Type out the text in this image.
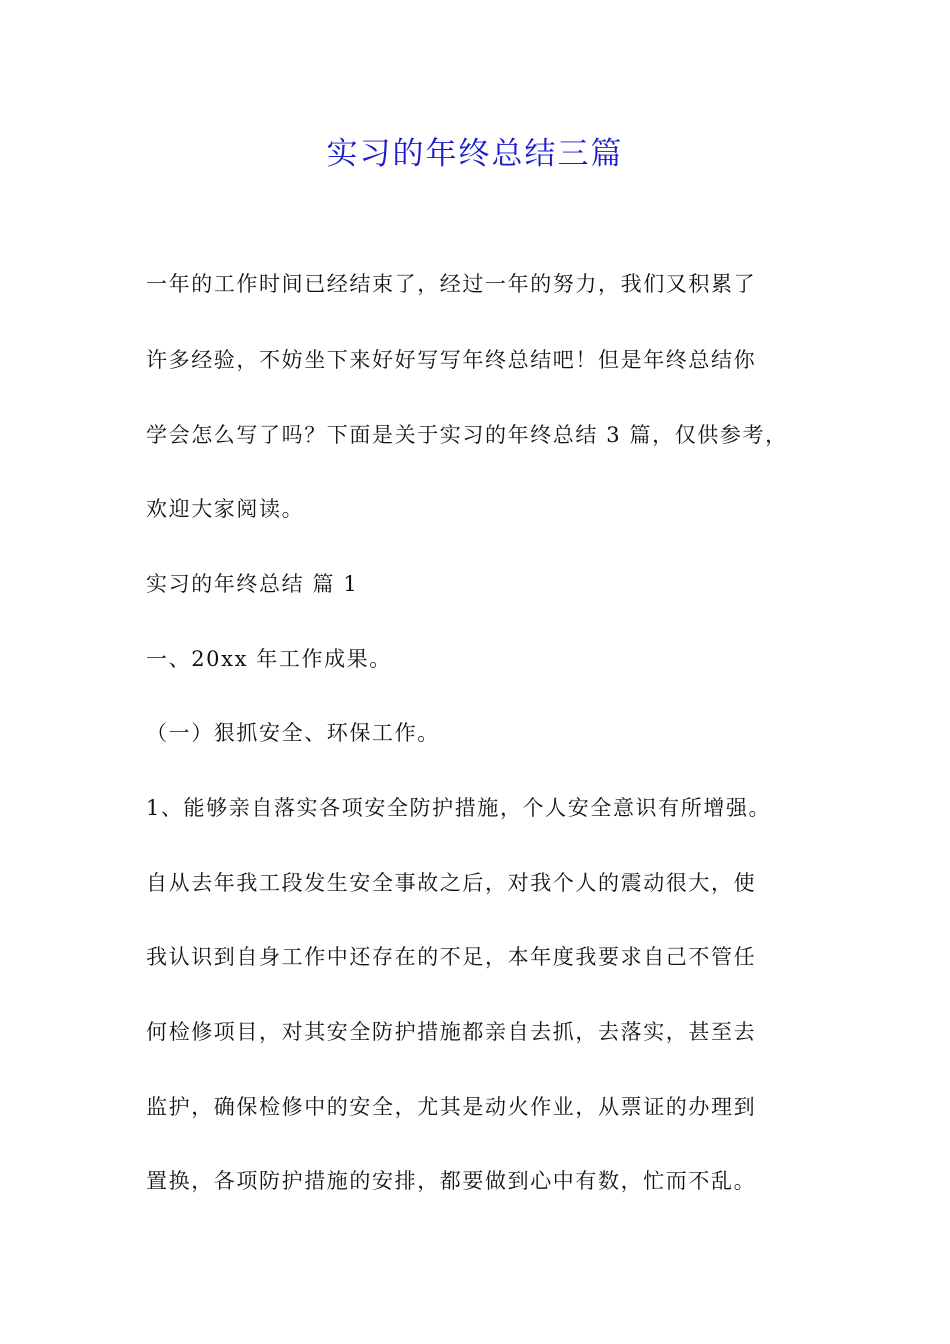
实习的年终总结三篇
一年的工作时间已经结束了，经过一年的努力，我们又积累了
许多经验，不妨坐下来好好写写年终总结吧！但是年终总结你
学会怎么写了吗？下面是关于实习的年终总结 3 篇，仅供参考，
欢迎大家阅读。
实习的年终总结 篇 1
一、20xx 年工作成果。
（一）狠抓安全、环保工作。
1、能够亲自落实各项安全防护措施，个人安全意识有所增强。
自从去年我工段发生安全事故之后，对我个人的震动很大，使
我认识到自身工作中还存在的不足，本年度我要求自己不管任
何检修项目，对其安全防护措施都亲自去抓，去落实，甚至去
监护，确保检修中的安全，尤其是动火作业，从票证的办理到
置换，各项防护措施的安排，都要做到心中有数，忙而不乱。
